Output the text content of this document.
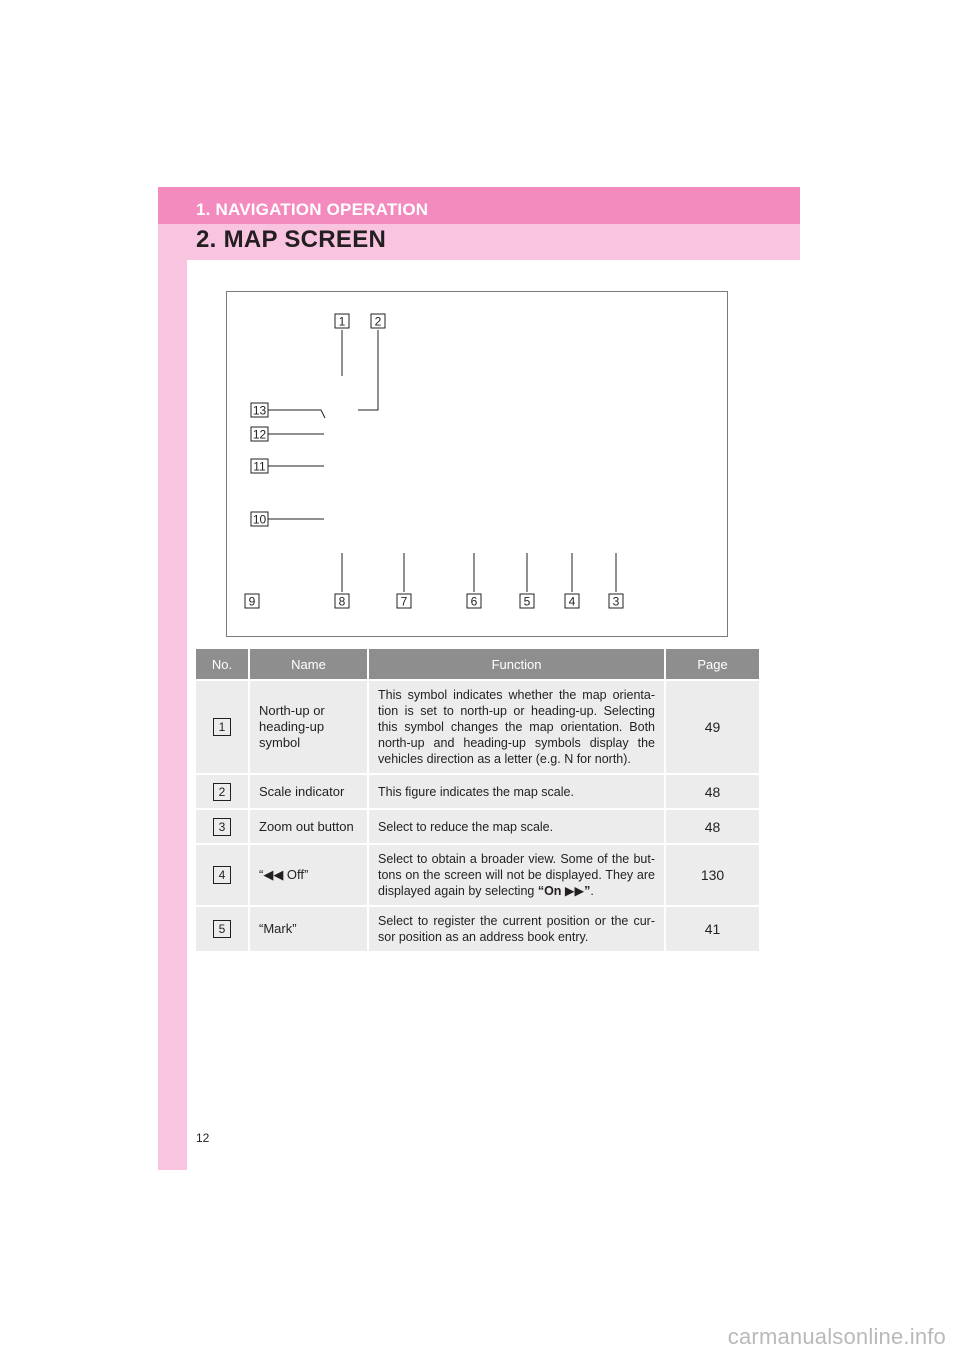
1. NAVIGATION OPERATION
2. MAP SCREEN
1 2
13
12
11
10
9	8	7	6	5	4	3
No.	Name	Function	Page
1	North-up or heading-up symbol	This symbol indicates whether the map orienta-tion is set to north-up or heading-up. Selecting this symbol changes the map orientation. Both north-up and heading-up symbols display the vehicles direction as a letter (e.g. N for north).	49
2	Scale indicator	This figure indicates the map scale.	48
3	Zoom out button	Select to reduce the map scale.	48
4	“◀◀ Off”	Select to obtain a broader view. Some of the but-tons on the screen will not be displayed. They are displayed again by selecting “On ▶▶”.	130
5	“Mark”	Select to register the current position or the cur-sor position as an address book entry.	41
12
carmanualsonline.info
